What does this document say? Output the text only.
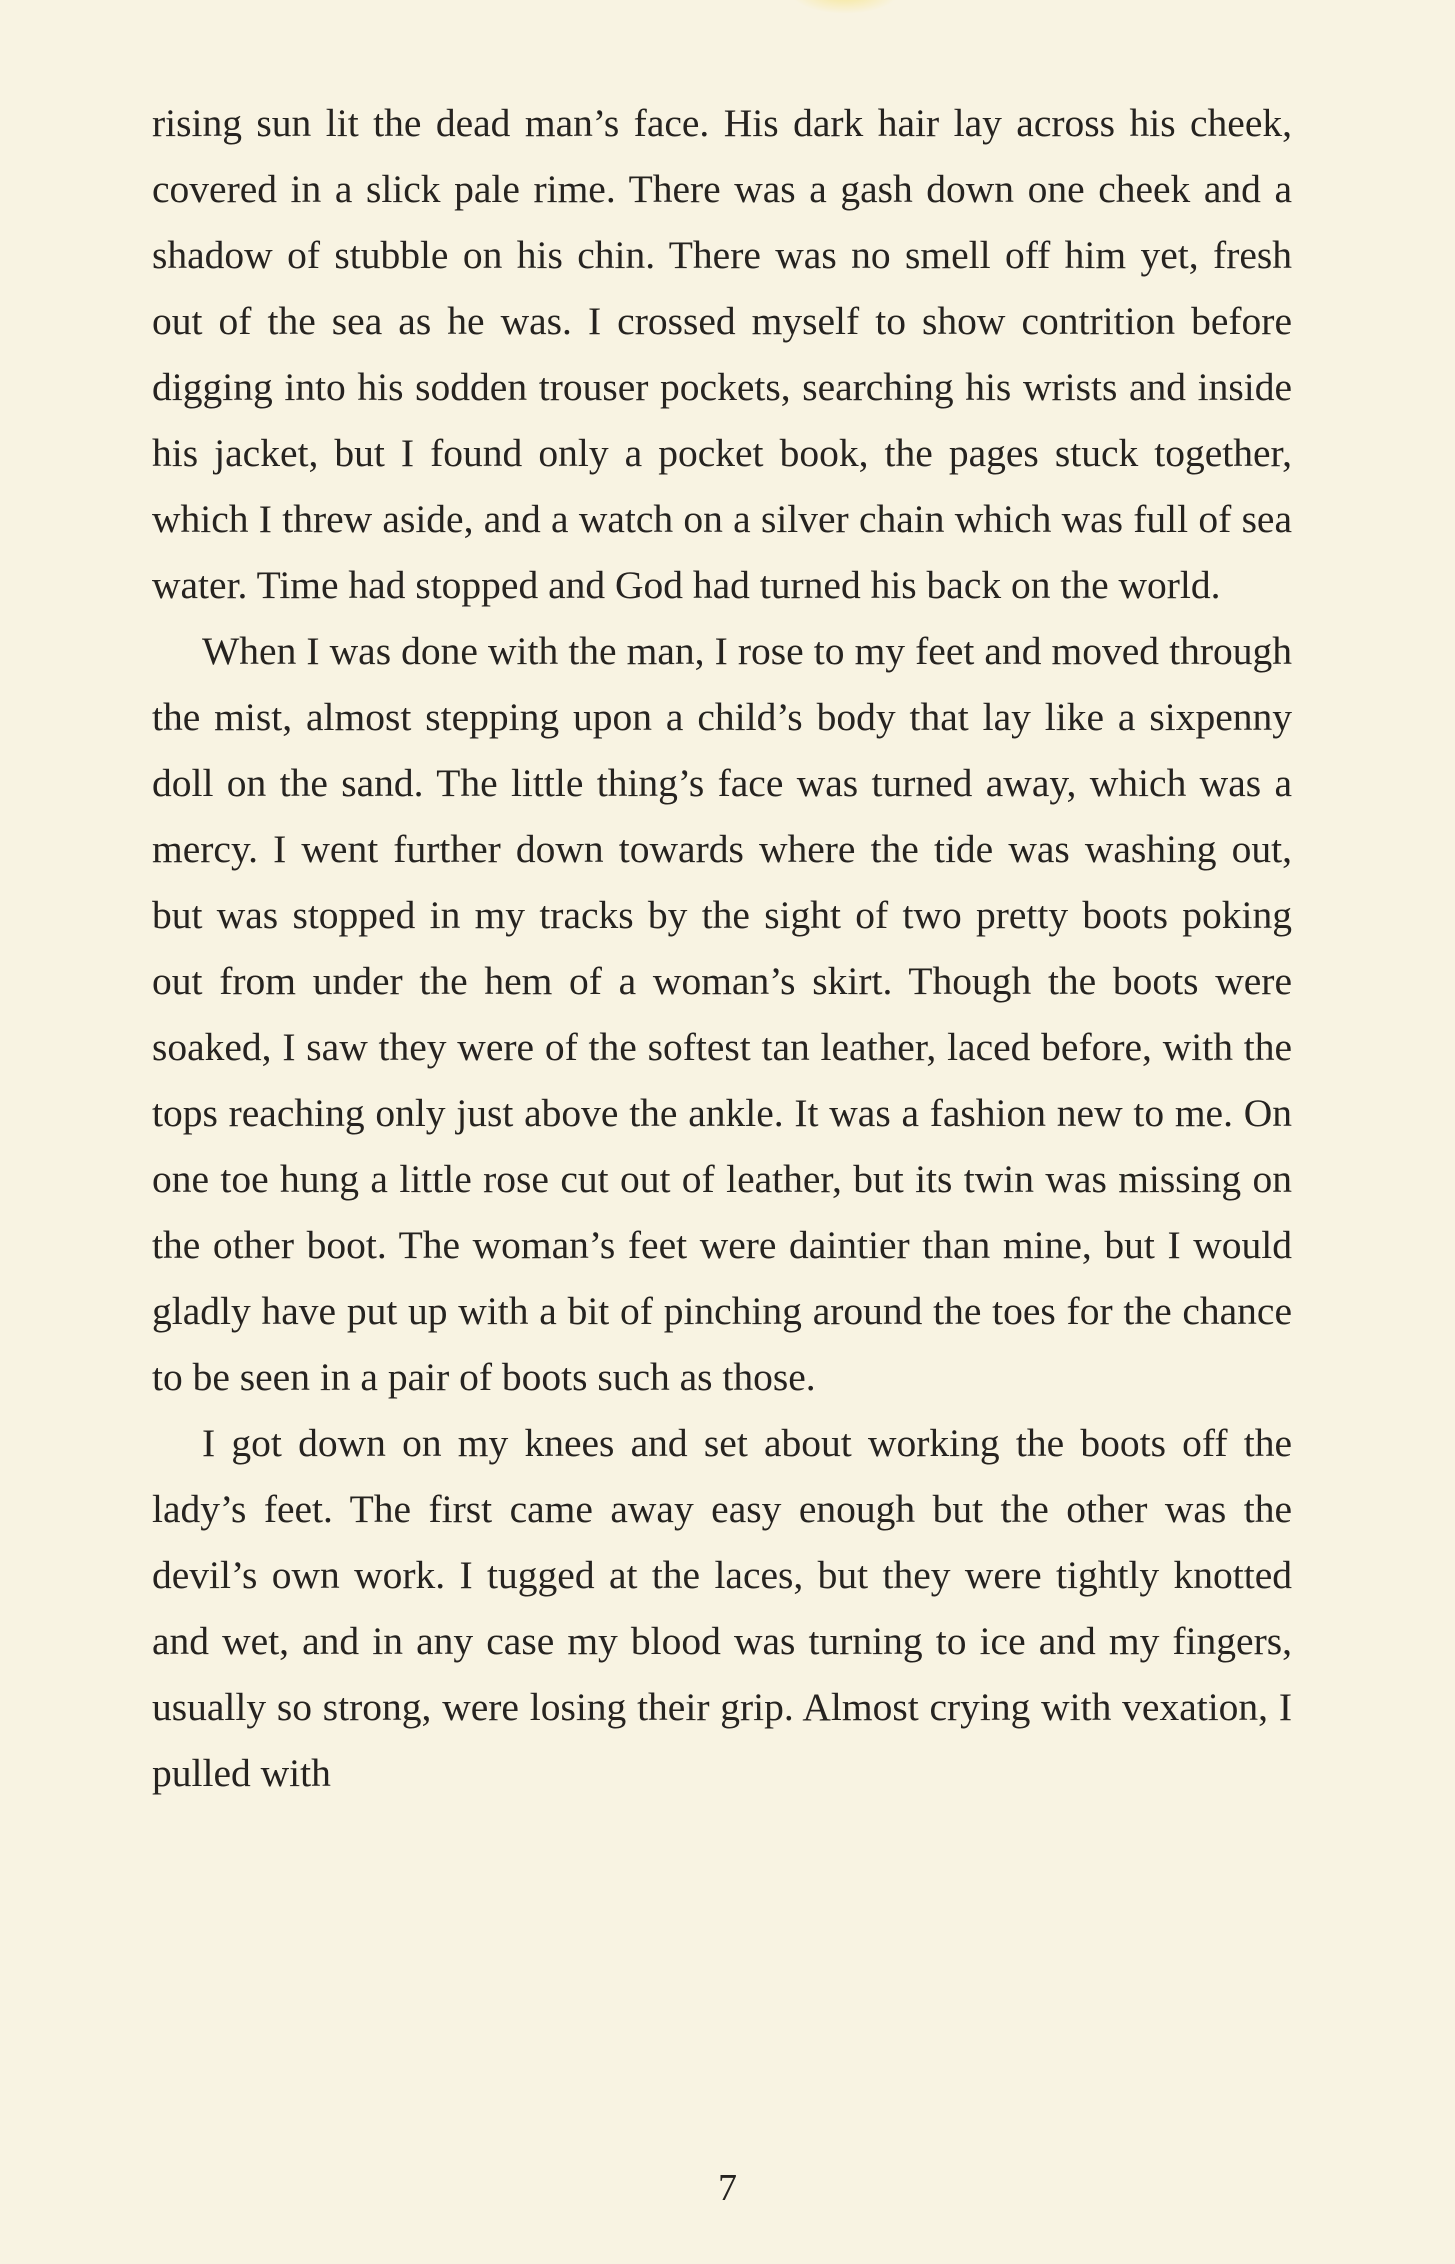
rising sun lit the dead man’s face. His dark hair lay across his cheek, covered in a slick pale rime. There was a gash down one cheek and a shadow of stubble on his chin. There was no smell off him yet, fresh out of the sea as he was. I crossed myself to show contrition before digging into his sodden trouser pockets, searching his wrists and inside his jacket, but I found only a pocket book, the pages stuck together, which I threw aside, and a watch on a silver chain which was full of sea water. Time had stopped and God had turned his back on the world.

When I was done with the man, I rose to my feet and moved through the mist, almost stepping upon a child’s body that lay like a sixpenny doll on the sand. The little thing’s face was turned away, which was a mercy. I went further down towards where the tide was washing out, but was stopped in my tracks by the sight of two pretty boots poking out from under the hem of a woman’s skirt. Though the boots were soaked, I saw they were of the softest tan leather, laced before, with the tops reaching only just above the ankle. It was a fashion new to me. On one toe hung a little rose cut out of leather, but its twin was missing on the other boot. The woman’s feet were daintier than mine, but I would gladly have put up with a bit of pinching around the toes for the chance to be seen in a pair of boots such as those.

I got down on my knees and set about working the boots off the lady’s feet. The first came away easy enough but the other was the devil’s own work. I tugged at the laces, but they were tightly knotted and wet, and in any case my blood was turning to ice and my fingers, usually so strong, were losing their grip. Almost crying with vexation, I pulled with

7
